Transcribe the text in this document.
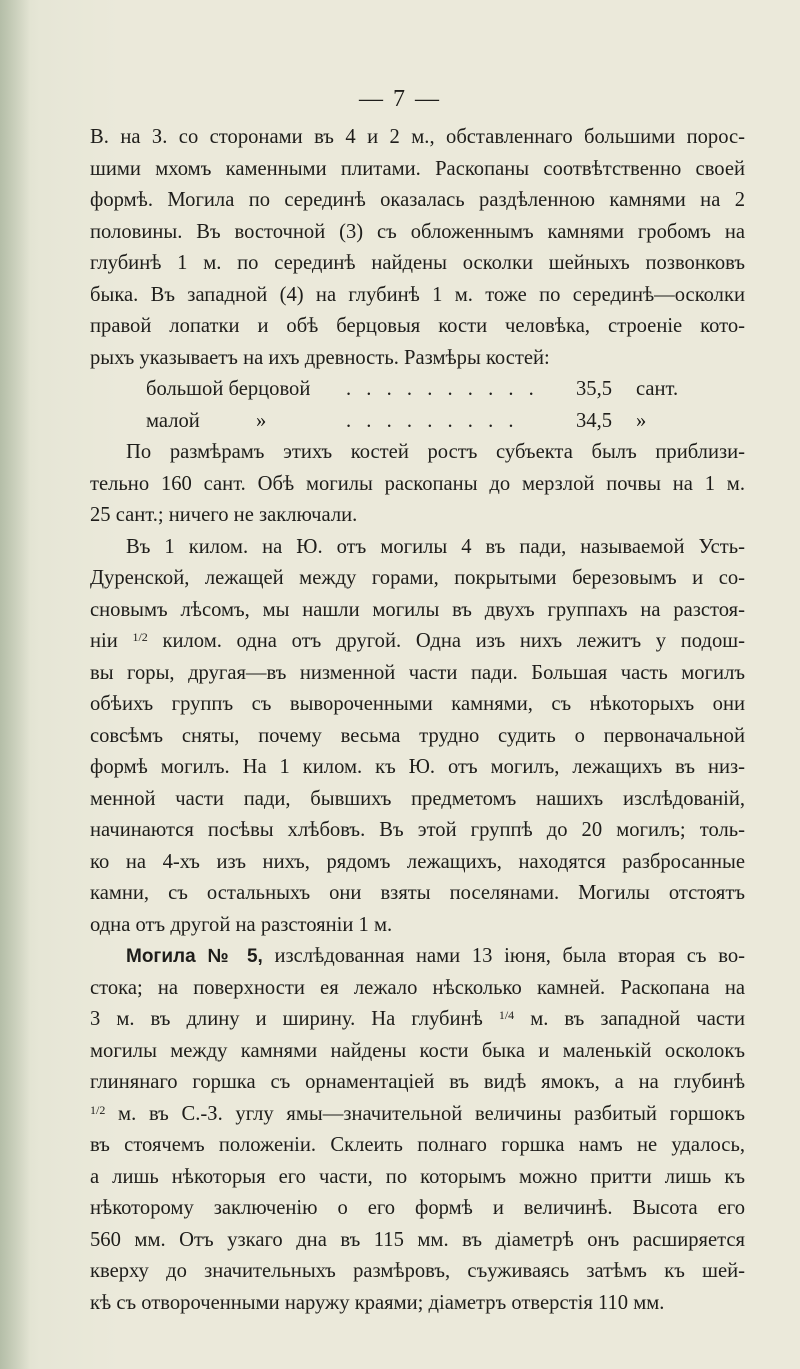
— 7 —
В. на З. со сторонами въ 4 и 2 м., обставленнаго большими порос-
шими мхомъ каменными плитами. Раскопаны соотвѣтственно своей
формѣ. Могила по серединѣ оказалась раздѣленною камнями на 2
половины. Въ восточной (3) съ обложеннымъ камнями гробомъ на
глубинѣ 1 м. по серединѣ найдены осколки шейныхъ позвонковъ
быка. Въ западной (4) на глубинѣ 1 м. тоже по серединѣ—осколки
правой лопатки и обѣ берцовыя кости человѣка, строеніе кото-
рыхъ указываетъ на ихъ древность. Размѣры костей:
большой берцовой	. . . . . . . . . .	35,5	сант.
малой	»	. . . . . . . . .	34,5	»
По размѣрамъ этихъ костей ростъ субъекта былъ приблизи-
тельно 160 сант. Обѣ могилы раскопаны до мерзлой почвы на 1 м.
25 сант.; ничего не заключали.
Въ 1 килом. на Ю. отъ могилы 4 въ пади, называемой Усть-
Дуренской, лежащей между горами, покрытыми березовымъ и со-
сновымъ лѣсомъ, мы нашли могилы въ двухъ группахъ на разстоя-
ніи $^{1/2}$ килом. одна отъ другой. Одна изъ нихъ лежитъ у подош-
вы горы, другая—въ низменной части пади. Большая часть могилъ
обѣихъ группъ съ вывороченными камнями, съ нѣкоторыхъ они
совсѣмъ сняты, почему весьма трудно судить о первоначальной
формѣ могилъ. На 1 килом. къ Ю. отъ могилъ, лежащихъ въ низ-
менной части пади, бывшихъ предметомъ нашихъ изслѣдованій,
начинаются посѣвы хлѣбовъ. Въ этой группѣ до 20 могилъ; толь-
ко на 4-хъ изъ нихъ, рядомъ лежащихъ, находятся разбросанные
камни, съ остальныхъ они взяты поселянами. Могилы отстоятъ
одна отъ другой на разстояніи 1 м.
Могила № 5, изслѣдованная нами 13 іюня, была вторая съ во-
стока; на поверхности ея лежало нѣсколько камней. Раскопана на
3 м. въ длину и ширину. На глубинѣ $^{1/4}$ м. въ западной части
могилы между камнями найдены кости быка и маленькій осколокъ
глинянаго горшка съ орнаментаціей въ видѣ ямокъ, а на глубинѣ
$^{1/2}$ м. въ С.-З. углу ямы—значительной величины разбитый горшокъ
въ стоячемъ положеніи. Склеить полнаго горшка намъ не удалось,
а лишь нѣкоторыя его части, по которымъ можно притти лишь къ
нѣкоторому заключенію о его формѣ и величинѣ. Высота его
560 мм. Отъ узкаго дна въ 115 мм. въ діаметрѣ онъ расширяется
кверху до значительныхъ размѣровъ, съуживаясь затѣмъ къ шей-
кѣ съ отвороченными наружу краями; діаметръ отверстія 110 мм.
